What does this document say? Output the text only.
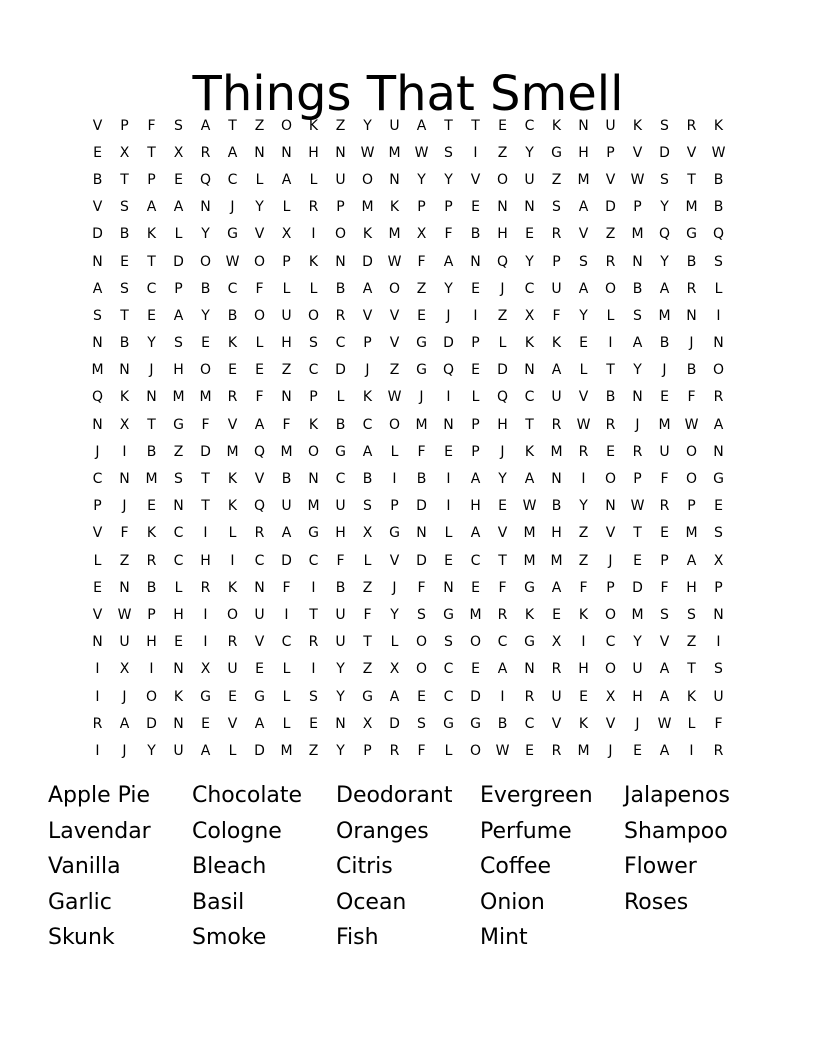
Things That Smell
V	P	F	S	A	T	Z	O	K	Z	Y	U	A	T	T	E	C	K	N	U	K	S	R	K
E	X	T	X	R	A	N	N	H	N	W	M	W	S	I	Z	Y	G	H	P	V	D	V	W
B	T	P	E	Q	C	L	A	L	U	O	N	Y	Y	V	O	U	Z	M	V	W	S	T	B
V	S	A	A	N	J	Y	L	R	P	M	K	P	P	E	N	N	S	A	D	P	Y	M	B
D	B	K	L	Y	G	V	X	I	O	K	M	X	F	B	H	E	R	V	Z	M	Q	G	Q
N	E	T	D	O	W	O	P	K	N	D	W	F	A	N	Q	Y	P	S	R	N	Y	B	S
A	S	C	P	B	C	F	L	L	B	A	O	Z	Y	E	J	C	U	A	O	B	A	R	L
S	T	E	A	Y	B	O	U	O	R	V	V	E	J	I	Z	X	F	Y	L	S	M	N	I
N	B	Y	S	E	K	L	H	S	C	P	V	G	D	P	L	K	K	E	I	A	B	J	N
M	N	J	H	O	E	E	Z	C	D	J	Z	G	Q	E	D	N	A	L	T	Y	J	B	O
Q	K	N	M	M	R	F	N	P	L	K	W	J	I	L	Q	C	U	V	B	N	E	F	R
N	X	T	G	F	V	A	F	K	B	C	O	M	N	P	H	T	R	W	R	J	M	W	A
J	I	B	Z	D	M	Q	M	O	G	A	L	F	E	P	J	K	M	R	E	R	U	O	N
C	N	M	S	T	K	V	B	N	C	B	I	B	I	A	Y	A	N	I	O	P	F	O	G
P	J	E	N	T	K	Q	U	M	U	S	P	D	I	H	E	W	B	Y	N	W	R	P	E
V	F	K	C	I	L	R	A	G	H	X	G	N	L	A	V	M	H	Z	V	T	E	M	S
L	Z	R	C	H	I	C	D	C	F	L	V	D	E	C	T	M	M	Z	J	E	P	A	X
E	N	B	L	R	K	N	F	I	B	Z	J	F	N	E	F	G	A	F	P	D	F	H	P
V	W	P	H	I	O	U	I	T	U	F	Y	S	G	M	R	K	E	K	O	M	S	S	N
N	U	H	E	I	R	V	C	R	U	T	L	O	S	O	C	G	X	I	C	Y	V	Z	I
I	X	I	N	X	U	E	L	I	Y	Z	X	O	C	E	A	N	R	H	O	U	A	T	S
I	J	O	K	G	E	G	L	S	Y	G	A	E	C	D	I	R	U	E	X	H	A	K	U
R	A	D	N	E	V	A	L	E	N	X	D	S	G	G	B	C	V	K	V	J	W	L	F
I	J	Y	U	A	L	D	M	Z	Y	P	R	F	L	O	W	E	R	M	J	E	A	I	R
Apple Pie	Chocolate	Deodorant	Evergreen	Jalapenos
Lavendar	Cologne	Oranges	Perfume	Shampoo
Vanilla	Bleach	Citris	Coffee	Flower
Garlic	Basil	Ocean	Onion	Roses
Skunk	Smoke	Fish	Mint
